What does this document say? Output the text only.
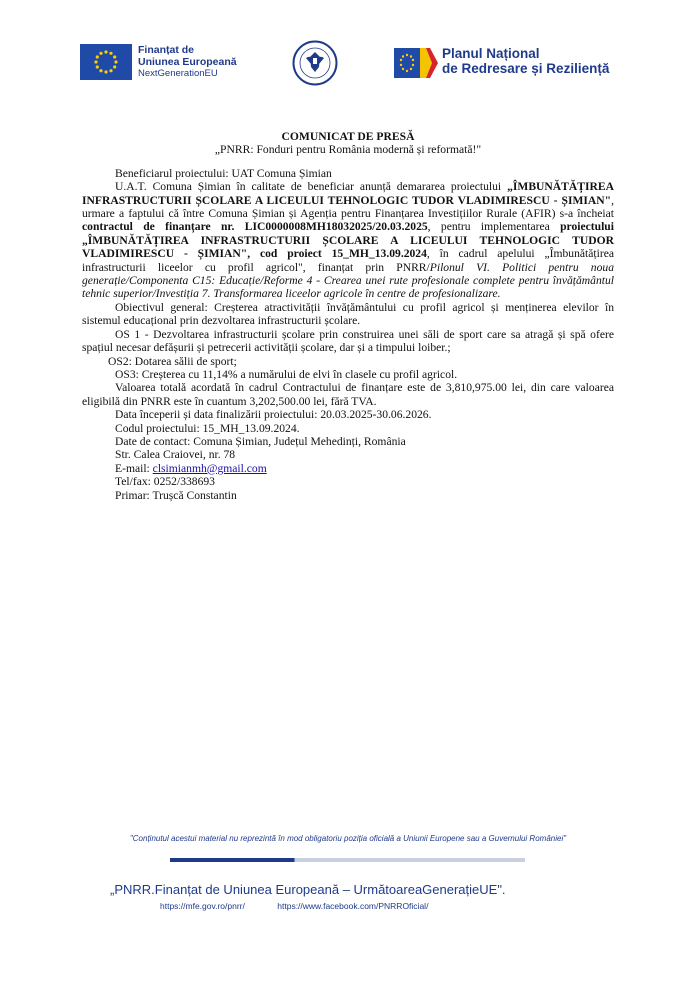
Finanțat de
Uniunea Europeană
NextGenerationEU
Planul Național
de Redresare și Reziliență

COMUNICAT DE PRESĂ

„PNRR: Fonduri pentru România modernă și reformată!"

Beneficiarul proiectului: UAT Comuna Șimian

U.A.T. Comuna Șimian în calitate de beneficiar anunță demararea proiectului „ÎMBUNĂTĂȚIREA INFRASTRUCTURII ȘCOLARE A LICEULUI TEHNOLOGIC TUDOR VLADIMIRESCU - ȘIMIAN", urmare a faptului că între Comuna Șimian și Agenția pentru Finanțarea Investițiilor Rurale (AFIR) s-a încheiat contractul de finanțare nr. LIC0000008MH18032025/20.03.2025, pentru implementarea proiectului „ÎMBUNĂTĂȚIREA INFRASTRUCTURII ȘCOLARE A LICEULUI TEHNOLOGIC TUDOR VLADIMIRESCU - ȘIMIAN", cod proiect 15_MH_13.09.2024, în cadrul apelului „Îmbunătățirea infrastructurii liceelor cu profil agricol", finanțat prin PNRR/Pilonul VI. Politici pentru noua generație/Componenta C15: Educație/Reforme 4 - Crearea unei rute profesionale complete pentru învățământul tehnic superior/Investiția 7. Transformarea liceelor agricole în centre de profesionalizare.

Obiectivul general: Creșterea atractivității învățământului cu profil agricol și menținerea elevilor în sistemul educațional prin dezvoltarea infrastructurii școlare.

OS 1 - Dezvoltarea infrastructurii școlare prin construirea unei săli de sport care sa atragă și spă ofere spațiul necesar defășurii și petrecerii activității școlare, dar și a timpului loiber.;

OS2: Dotarea sălii de sport;

OS3: Creșterea cu 11,14% a numărului de elvi în clasele cu profil agricol.

Valoarea totală acordată în cadrul Contractului de finanțare este de 3,810,975.00 lei, din care valoarea eligibilă din PNRR este în cuantum 3,202,500.00 lei, fără TVA.

Data începerii și data finalizării proiectului: 20.03.2025-30.06.2026.

Codul proiectului: 15_MH_13.09.2024.

Date de contact: Comuna Șimian, Județul Mehedinți, România

Str. Calea Craiovei, nr. 78

E-mail: clsimianmh@gmail.com

Tel/fax: 0252/338693

Primar: Trușcă Constantin

"Conținutul acestui material nu reprezintă în mod obligatoriu poziția oficială a Uniunii Europene sau a Guvernului României"
„PNRR.Finanțat de Uniunea Europeană – UrmătoareaGenerațieUE".
https://mfe.gov.ro/pnrr/	https://www.facebook.com/PNRROficial/
